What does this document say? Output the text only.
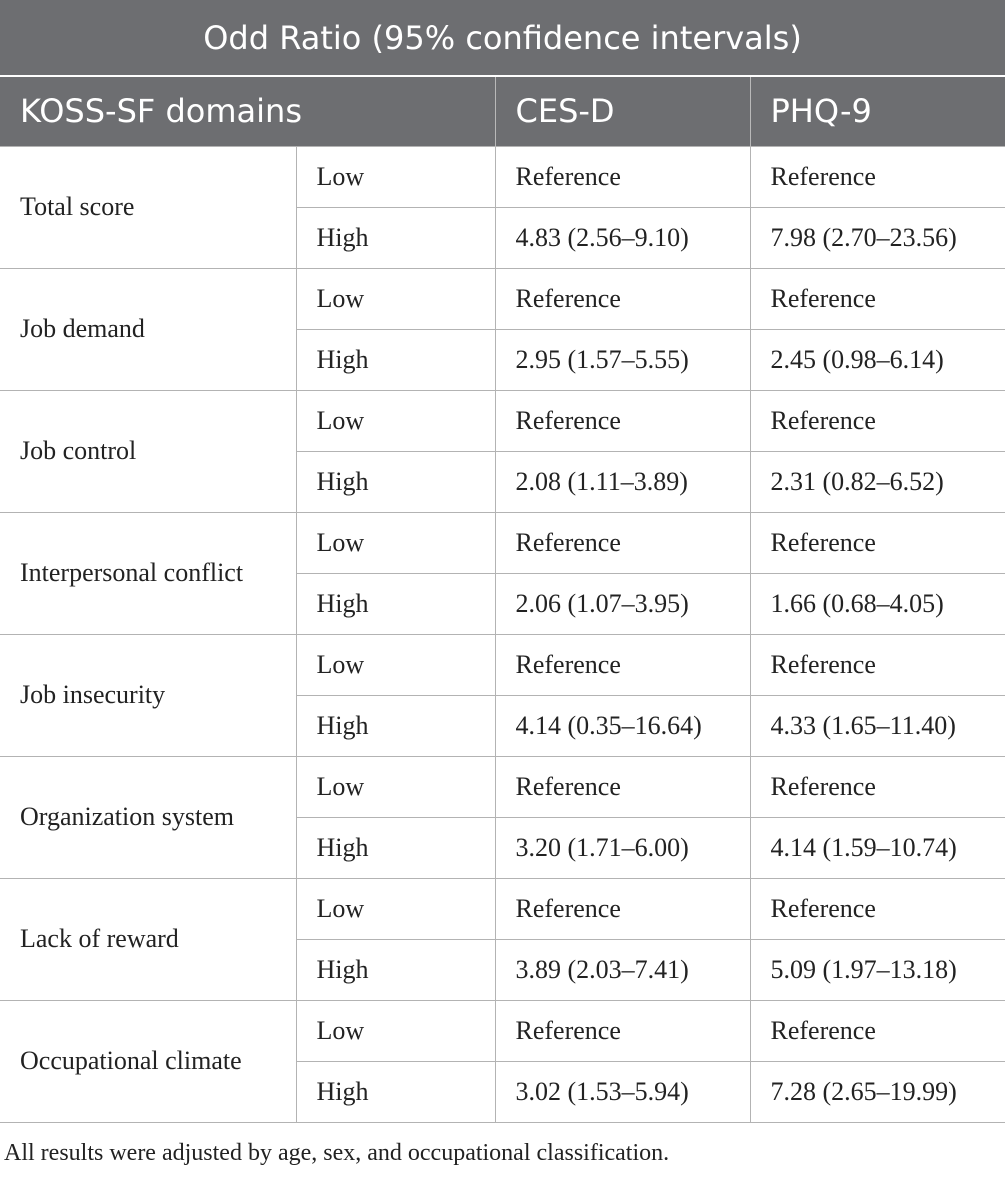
Odd Ratio (95% confidence intervals)			
KOSS-SF domains		CES-D	PHQ-9
Total score	Low	Reference	Reference
	High	4.83 (2.56–9.10)	7.98 (2.70–23.56)
Job demand	Low	Reference	Reference
	High	2.95 (1.57–5.55)	2.45 (0.98–6.14)
Job control	Low	Reference	Reference
	High	2.08 (1.11–3.89)	2.31 (0.82–6.52)
Interpersonal conflict	Low	Reference	Reference
	High	2.06 (1.07–3.95)	1.66 (0.68–4.05)
Job insecurity	Low	Reference	Reference
	High	4.14 (0.35–16.64)	4.33 (1.65–11.40)
Organization system	Low	Reference	Reference
	High	3.20 (1.71–6.00)	4.14 (1.59–10.74)
Lack of reward	Low	Reference	Reference
	High	3.89 (2.03–7.41)	5.09 (1.97–13.18)
Occupational climate	Low	Reference	Reference
	High	3.02 (1.53–5.94)	7.28 (2.65–19.99)
All results were adjusted by age, sex, and occupational classification.
